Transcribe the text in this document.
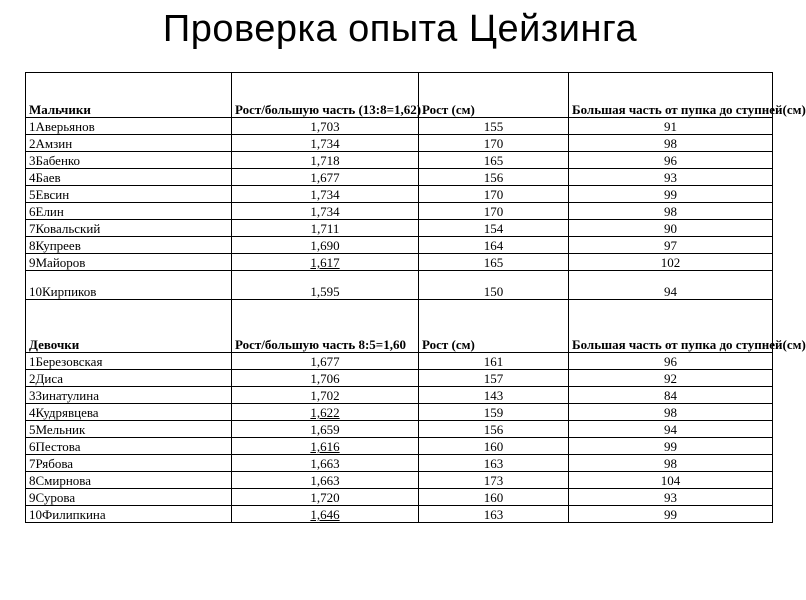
Проверка опыта Цейзинга
Мальчики	Рост/большую часть (13:8=1,62)	Рост (см)	Большая часть от пупка до ступней(см)
1Аверьянов	1,703	155	91
2Амзин	1,734	170	98
3Бабенко	1,718	165	96
4Баев	1,677	156	93
5Евсин	1,734	170	99
6Елин	1,734	170	98
7Ковальский	1,711	154	90
8Купреев	1,690	164	97
9Майоров	1,617	165	102
10Кирпиков	1,595	150	94
Девочки	Рост/большую часть 8:5=1,60	Рост (см)	Большая часть от пупка до ступней(см)
1Березовская	1,677	161	96
2Диса	1,706	157	92
3Зинатулина	1,702	143	84
4Кудрявцева	1,622	159	98
5Мельник	1,659	156	94
6Пестова	1,616	160	99
7Рябова	1,663	163	98
8Смирнова	1,663	173	104
9Сурова	1,720	160	93
10Филипкина	1,646	163	99
